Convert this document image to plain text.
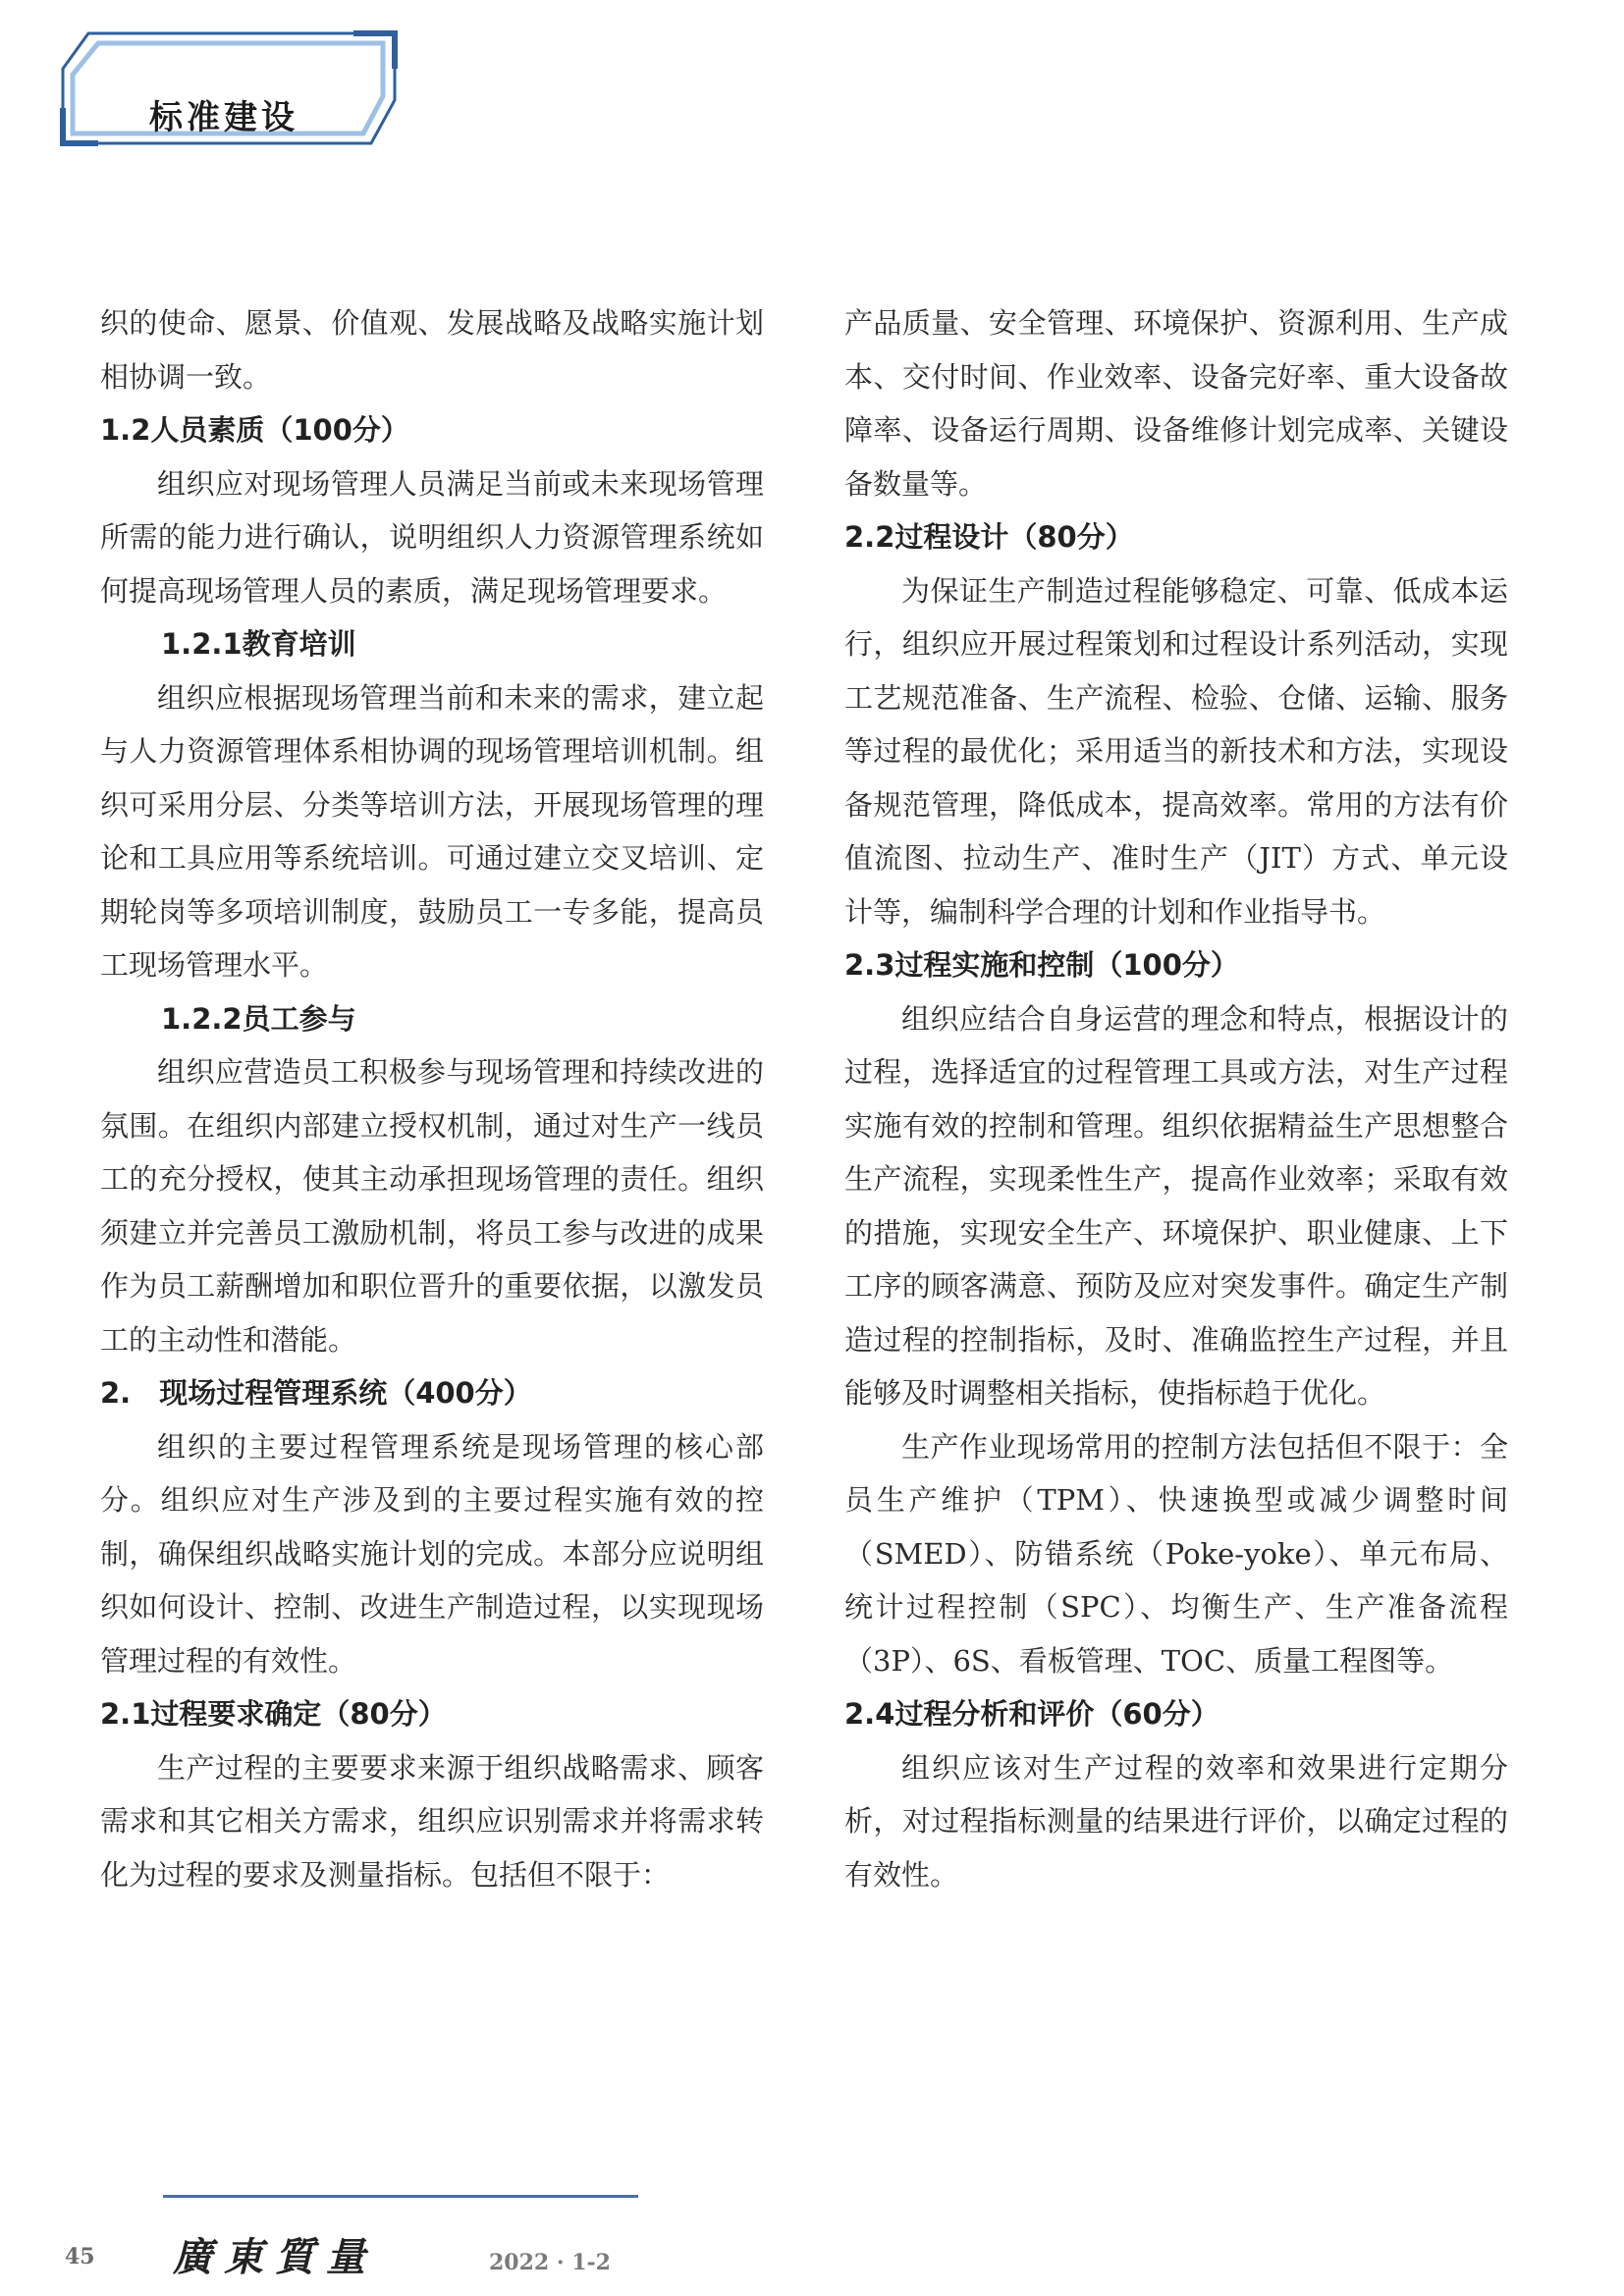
标准建设

织的使命、愿景、价值观、发展战略及战略实施计划相协调一致。

1.2人员素质（100分）

组织应对现场管理人员满足当前或未来现场管理所需的能力进行确认，说明组织人力资源管理系统如何提高现场管理人员的素质，满足现场管理要求。

1.2.1教育培训

组织应根据现场管理当前和未来的需求，建立起与人力资源管理体系相协调的现场管理培训机制。组织可采用分层、分类等培训方法，开展现场管理的理论和工具应用等系统培训。可通过建立交叉培训、定期轮岗等多项培训制度，鼓励员工一专多能，提高员工现场管理水平。

1.2.2员工参与

组织应营造员工积极参与现场管理和持续改进的氛围。在组织内部建立授权机制，通过对生产一线员工的充分授权，使其主动承担现场管理的责任。组织须建立并完善员工激励机制，将员工参与改进的成果作为员工薪酬增加和职位晋升的重要依据，以激发员工的主动性和潜能。

2.　现场过程管理系统（400分）

组织的主要过程管理系统是现场管理的核心部分。组织应对生产涉及到的主要过程实施有效的控制，确保组织战略实施计划的完成。本部分应说明组织如何设计、控制、改进生产制造过程，以实现现场管理过程的有效性。

2.1过程要求确定（80分）

生产过程的主要要求来源于组织战略需求、顾客需求和其它相关方需求，组织应识别需求并将需求转化为过程的要求及测量指标。包括但不限于：

产品质量、安全管理、环境保护、资源利用、生产成本、交付时间、作业效率、设备完好率、重大设备故障率、设备运行周期、设备维修计划完成率、关键设备数量等。

2.2过程设计（80分）

为保证生产制造过程能够稳定、可靠、低成本运行，组织应开展过程策划和过程设计系列活动，实现工艺规范准备、生产流程、检验、仓储、运输、服务等过程的最优化；采用适当的新技术和方法，实现设备规范管理，降低成本，提高效率。常用的方法有价值流图、拉动生产、准时生产（JIT）方式、单元设计等，编制科学合理的计划和作业指导书。

2.3过程实施和控制（100分）

组织应结合自身运营的理念和特点，根据设计的过程，选择适宜的过程管理工具或方法，对生产过程实施有效的控制和管理。组织依据精益生产思想整合生产流程，实现柔性生产，提高作业效率；采取有效的措施，实现安全生产、环境保护、职业健康、上下工序的顾客满意、预防及应对突发事件。确定生产制造过程的控制指标，及时、准确监控生产过程，并且能够及时调整相关指标，使指标趋于优化。

生产作业现场常用的控制方法包括但不限于：全员生产维护（TPM）、快速换型或减少调整时间（SMED）、防错系统（Poke-yoke）、单元布局、统计过程控制（SPC）、均衡生产、生产准备流程（3P）、6S、看板管理、TOC、质量工程图等。

2.4过程分析和评价（60分）

组织应该对生产过程的效率和效果进行定期分析，对过程指标测量的结果进行评价，以确定过程的有效性。

45 廣東質量	2022 · 1-2
